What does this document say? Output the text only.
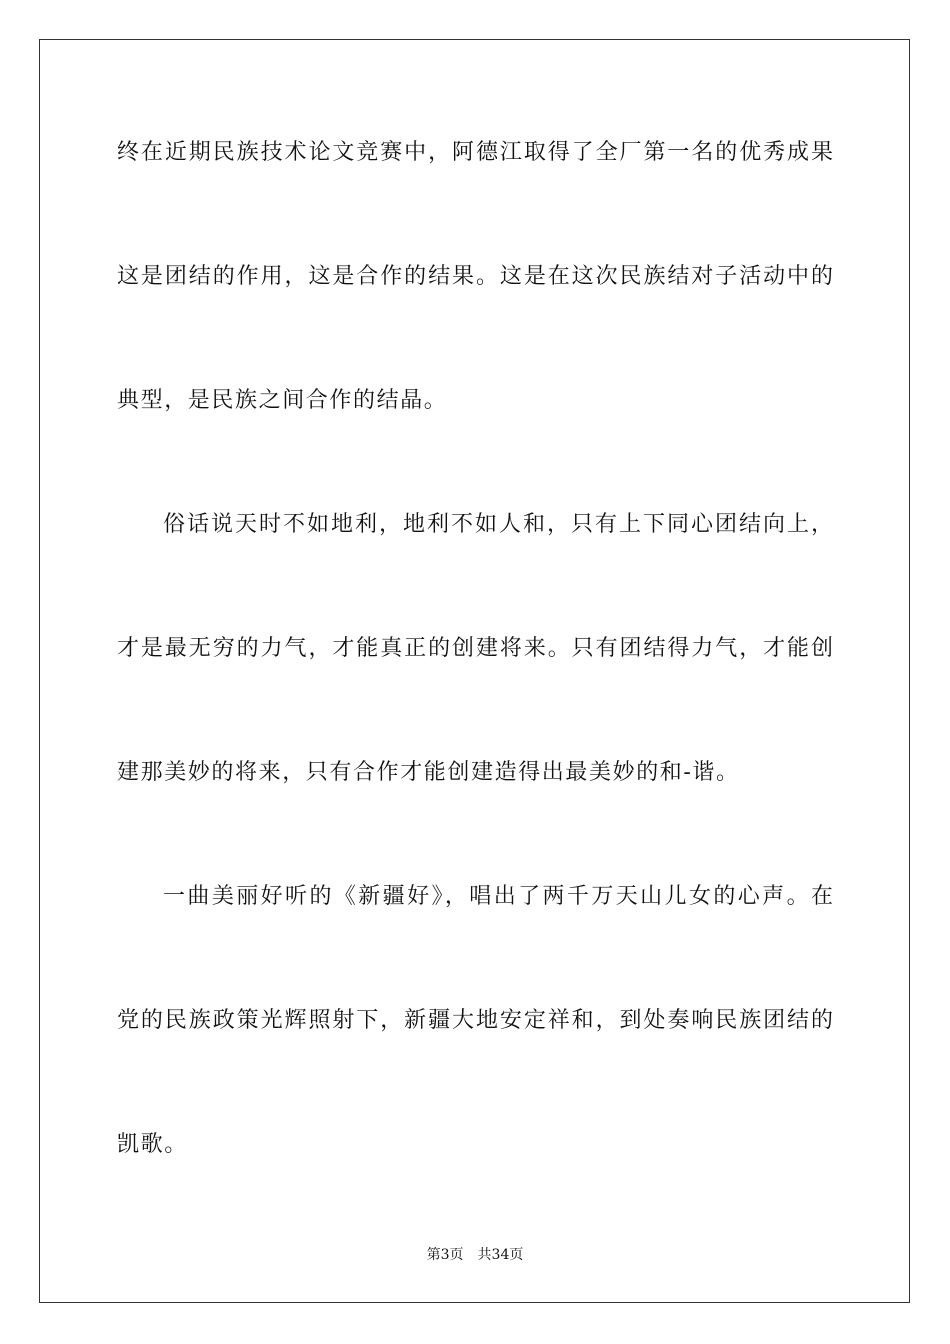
终在近期民族技术论文竞赛中，阿德江取得了全厂第一名的优秀成果
这是团结的作用，这是合作的结果。这是在这次民族结对子活动中的
典型，是民族之间合作的结晶。
俗话说天时不如地利，地利不如人和，只有上下同心团结向上，
才是最无穷的力气，才能真正的创建将来。只有团结得力气，才能创
建那美妙的将来，只有合作才能创建造得出最美妙的和-谐。
一曲美丽好听的《新疆好》，唱出了两千万天山儿女的心声。在
党的民族政策光辉照射下，新疆大地安定祥和，到处奏响民族团结的
凯歌。
第3页 共34页
